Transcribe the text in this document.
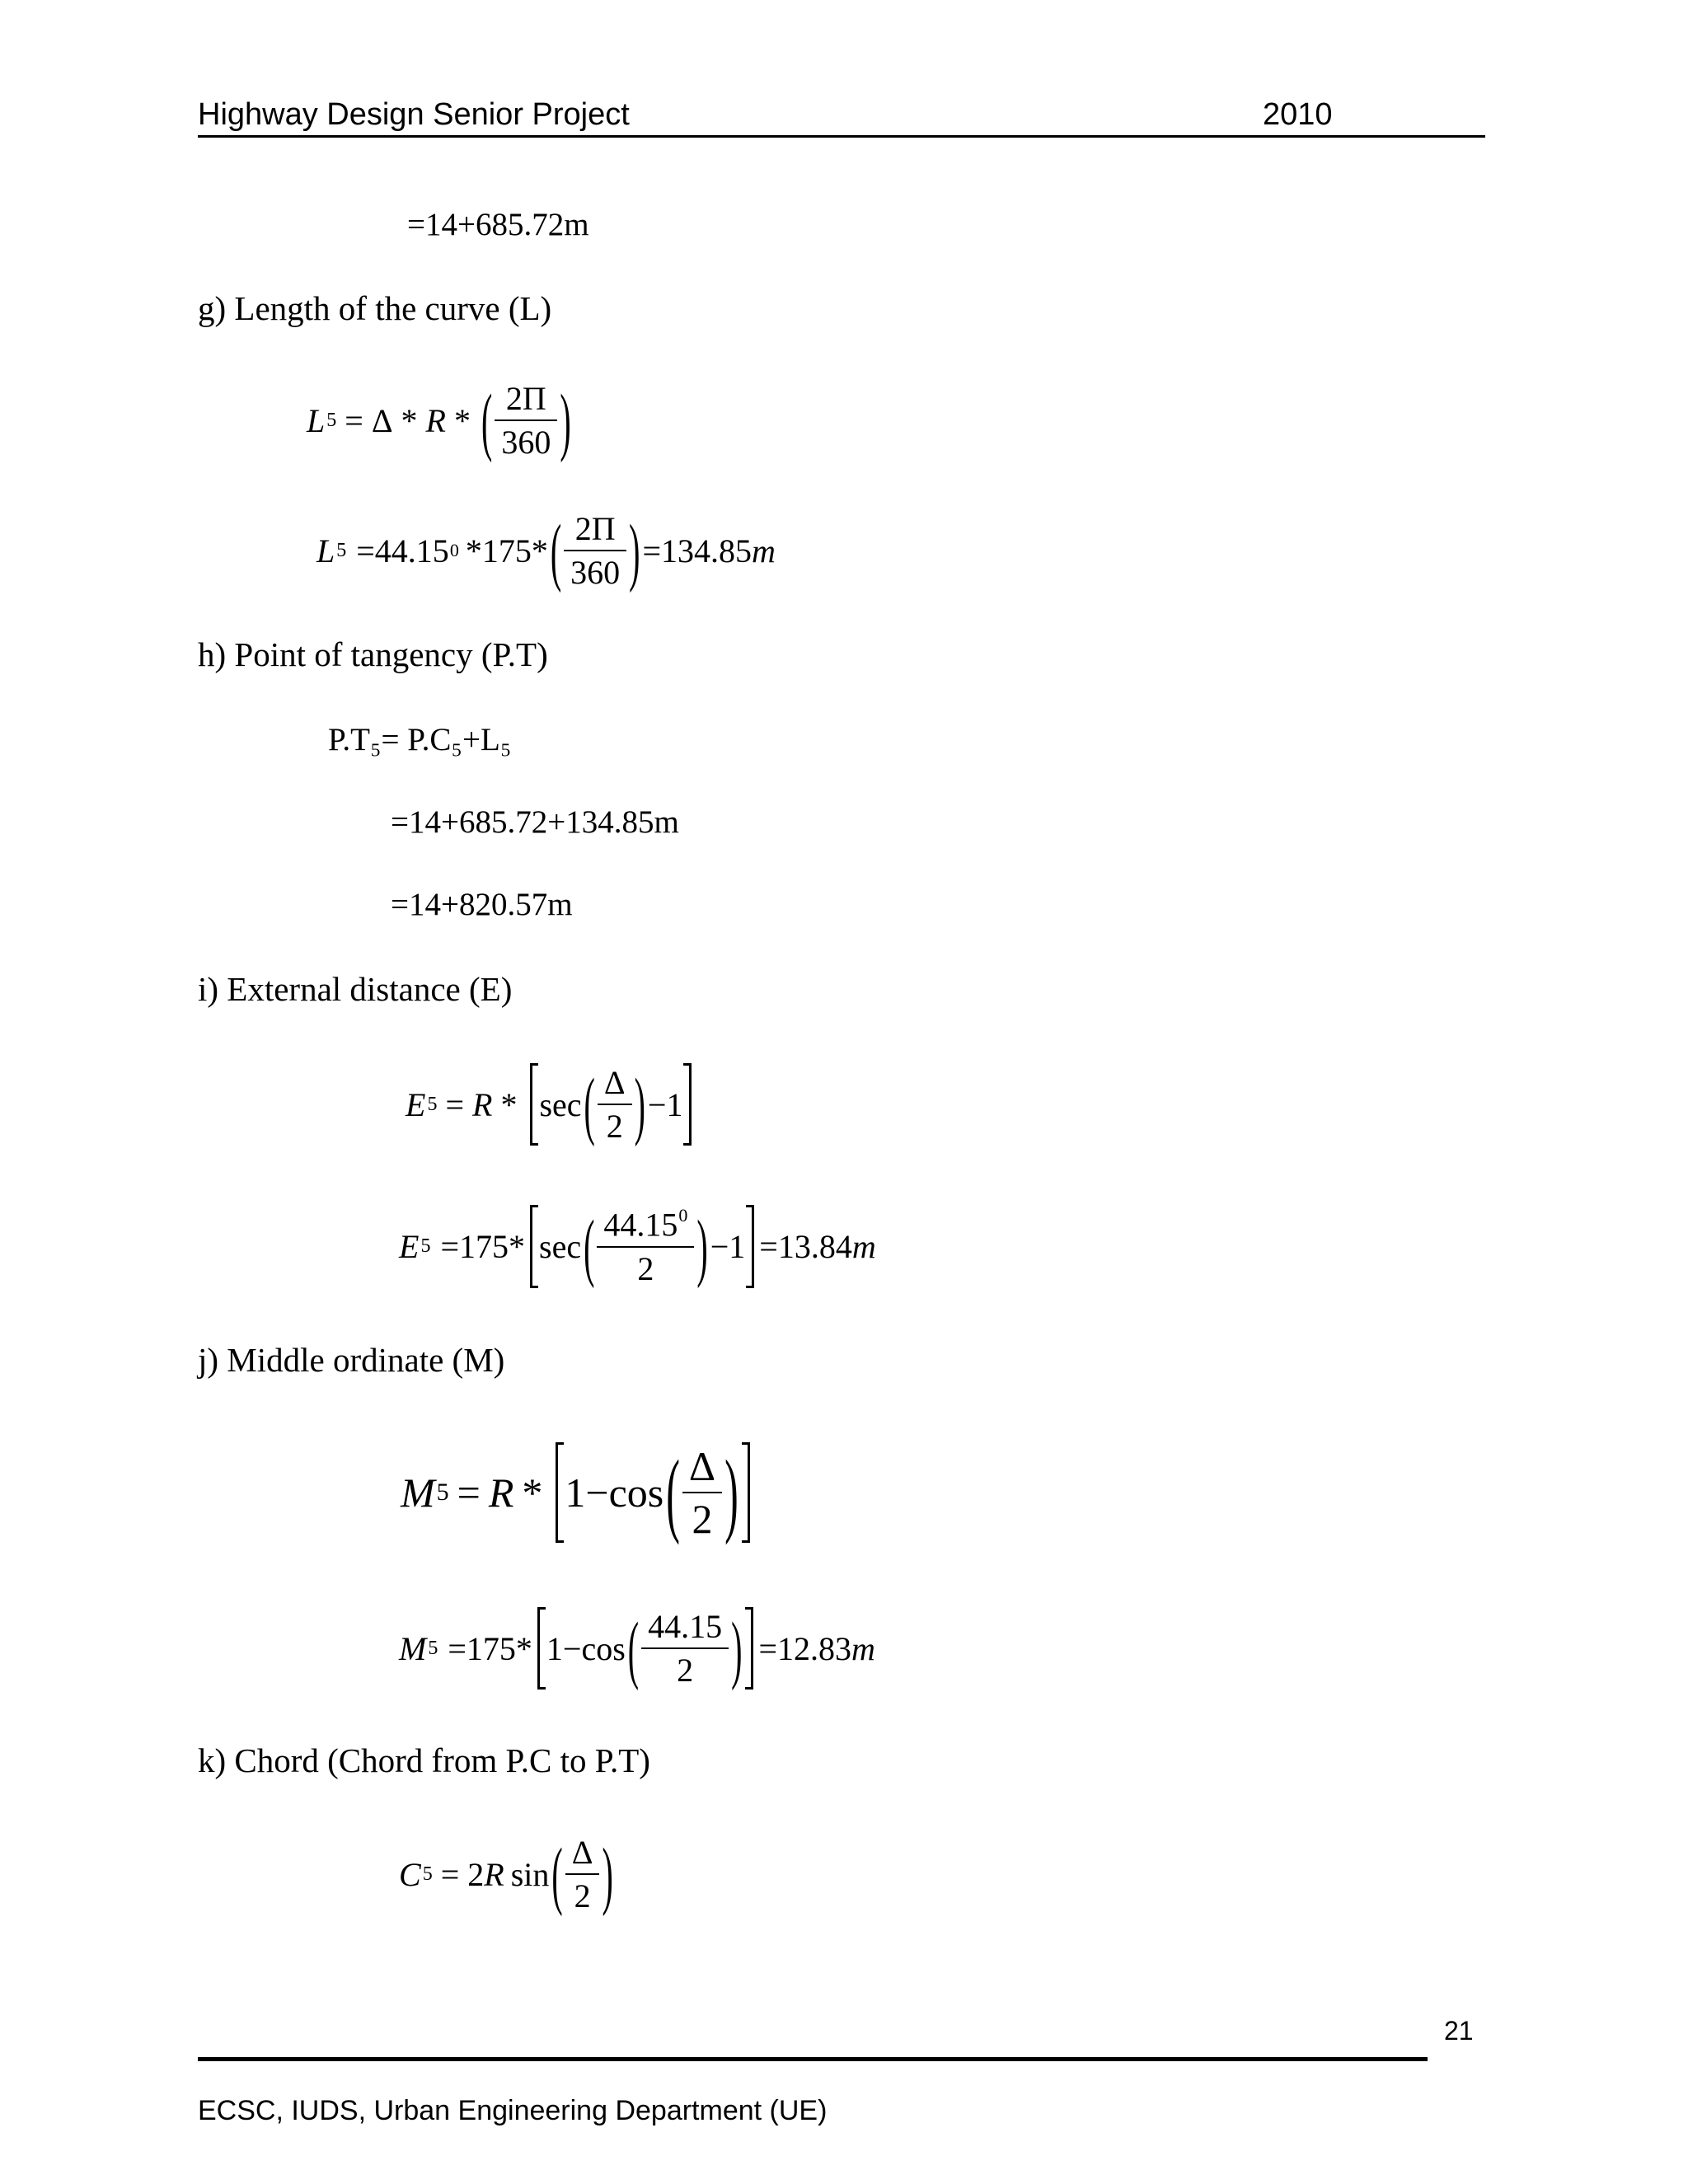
Highway Design Senior Project	2010
=14+685.72m
g) Length of the curve (L)
L 5 = Δ * R * ( $\frac{2\Pi}{360}$ )
L 5 =44.15 0 *175* ( $\frac{2\Pi}{360}$ ) =134.85 m
h) Point of tangency (P.T)
P.T₅= P.C₅+L₅
=14+685.72+134.85m
=14+820.57m
i) External distance (E)
E 5 = R * sec ( $\frac{\Delta}{2}$ ) −1
E 5 =175* sec ( $\frac{44.15^0}{2}$ ) −1 =13.84 m
j) Middle ordinate (M)
M 5 = R * 1−cos ( $\frac{\Delta}{2}$ )
M 5 =175* 1−cos ( $\frac{44.15}{2}$ ) =12.83 m
k) Chord (Chord from P.C to P.T)
C 5 = 2 R sin ( $\frac{\Delta}{2}$ )
21
ECSC, IUDS, Urban Engineering Department (UE)
